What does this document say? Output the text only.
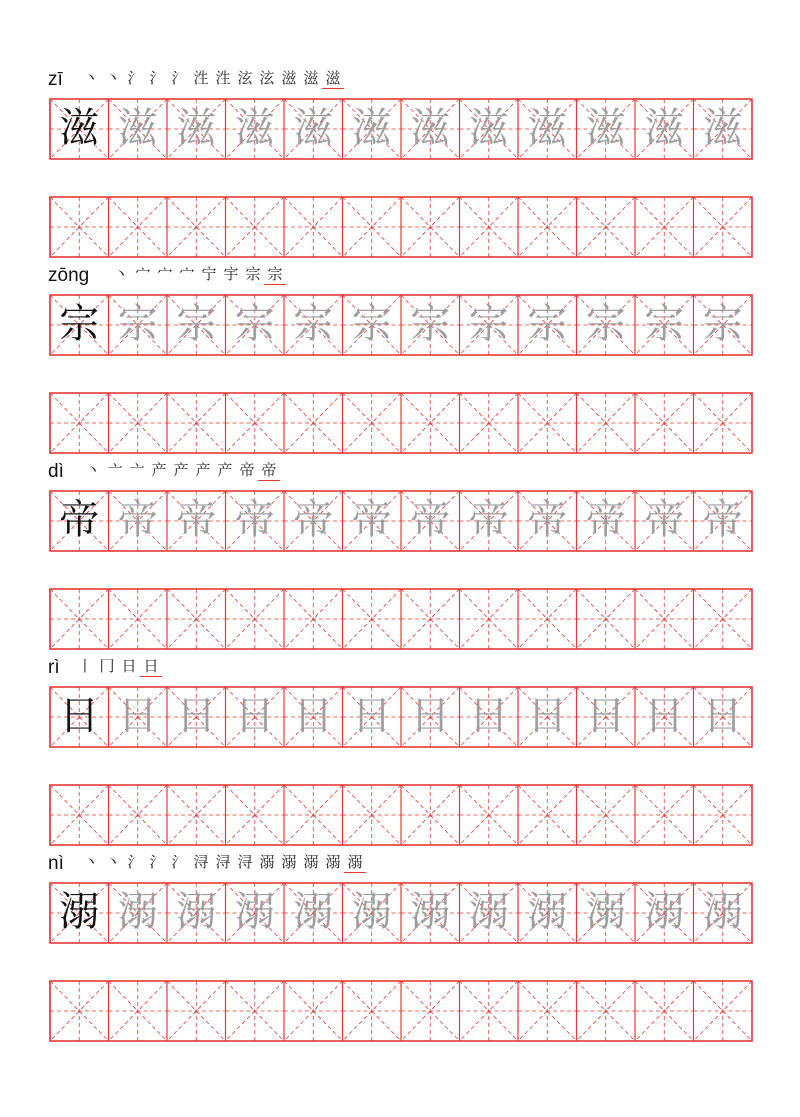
zī 丶 丶 氵 氵 氵 泩 泩 泫 泫 滋 滋 滋
滋 滋 滋 滋 滋 滋 滋 滋 滋 滋 滋 滋
zōng 丶 宀 宀 宀 宁 宇 宗 宗
宗 宗 宗 宗 宗 宗 宗 宗 宗 宗 宗 宗
dì 丶 亠 亠 产 产 产 产 帝 帝
帝 帝 帝 帝 帝 帝 帝 帝 帝 帝 帝 帝
rì 丨 冂 日 日
日 日 日 日 日 日 日 日 日 日 日 日
nì 丶 丶 氵 氵 氵 浔 浔 浔 溺 溺 溺 溺 溺
溺 溺 溺 溺 溺 溺 溺 溺 溺 溺 溺 溺
